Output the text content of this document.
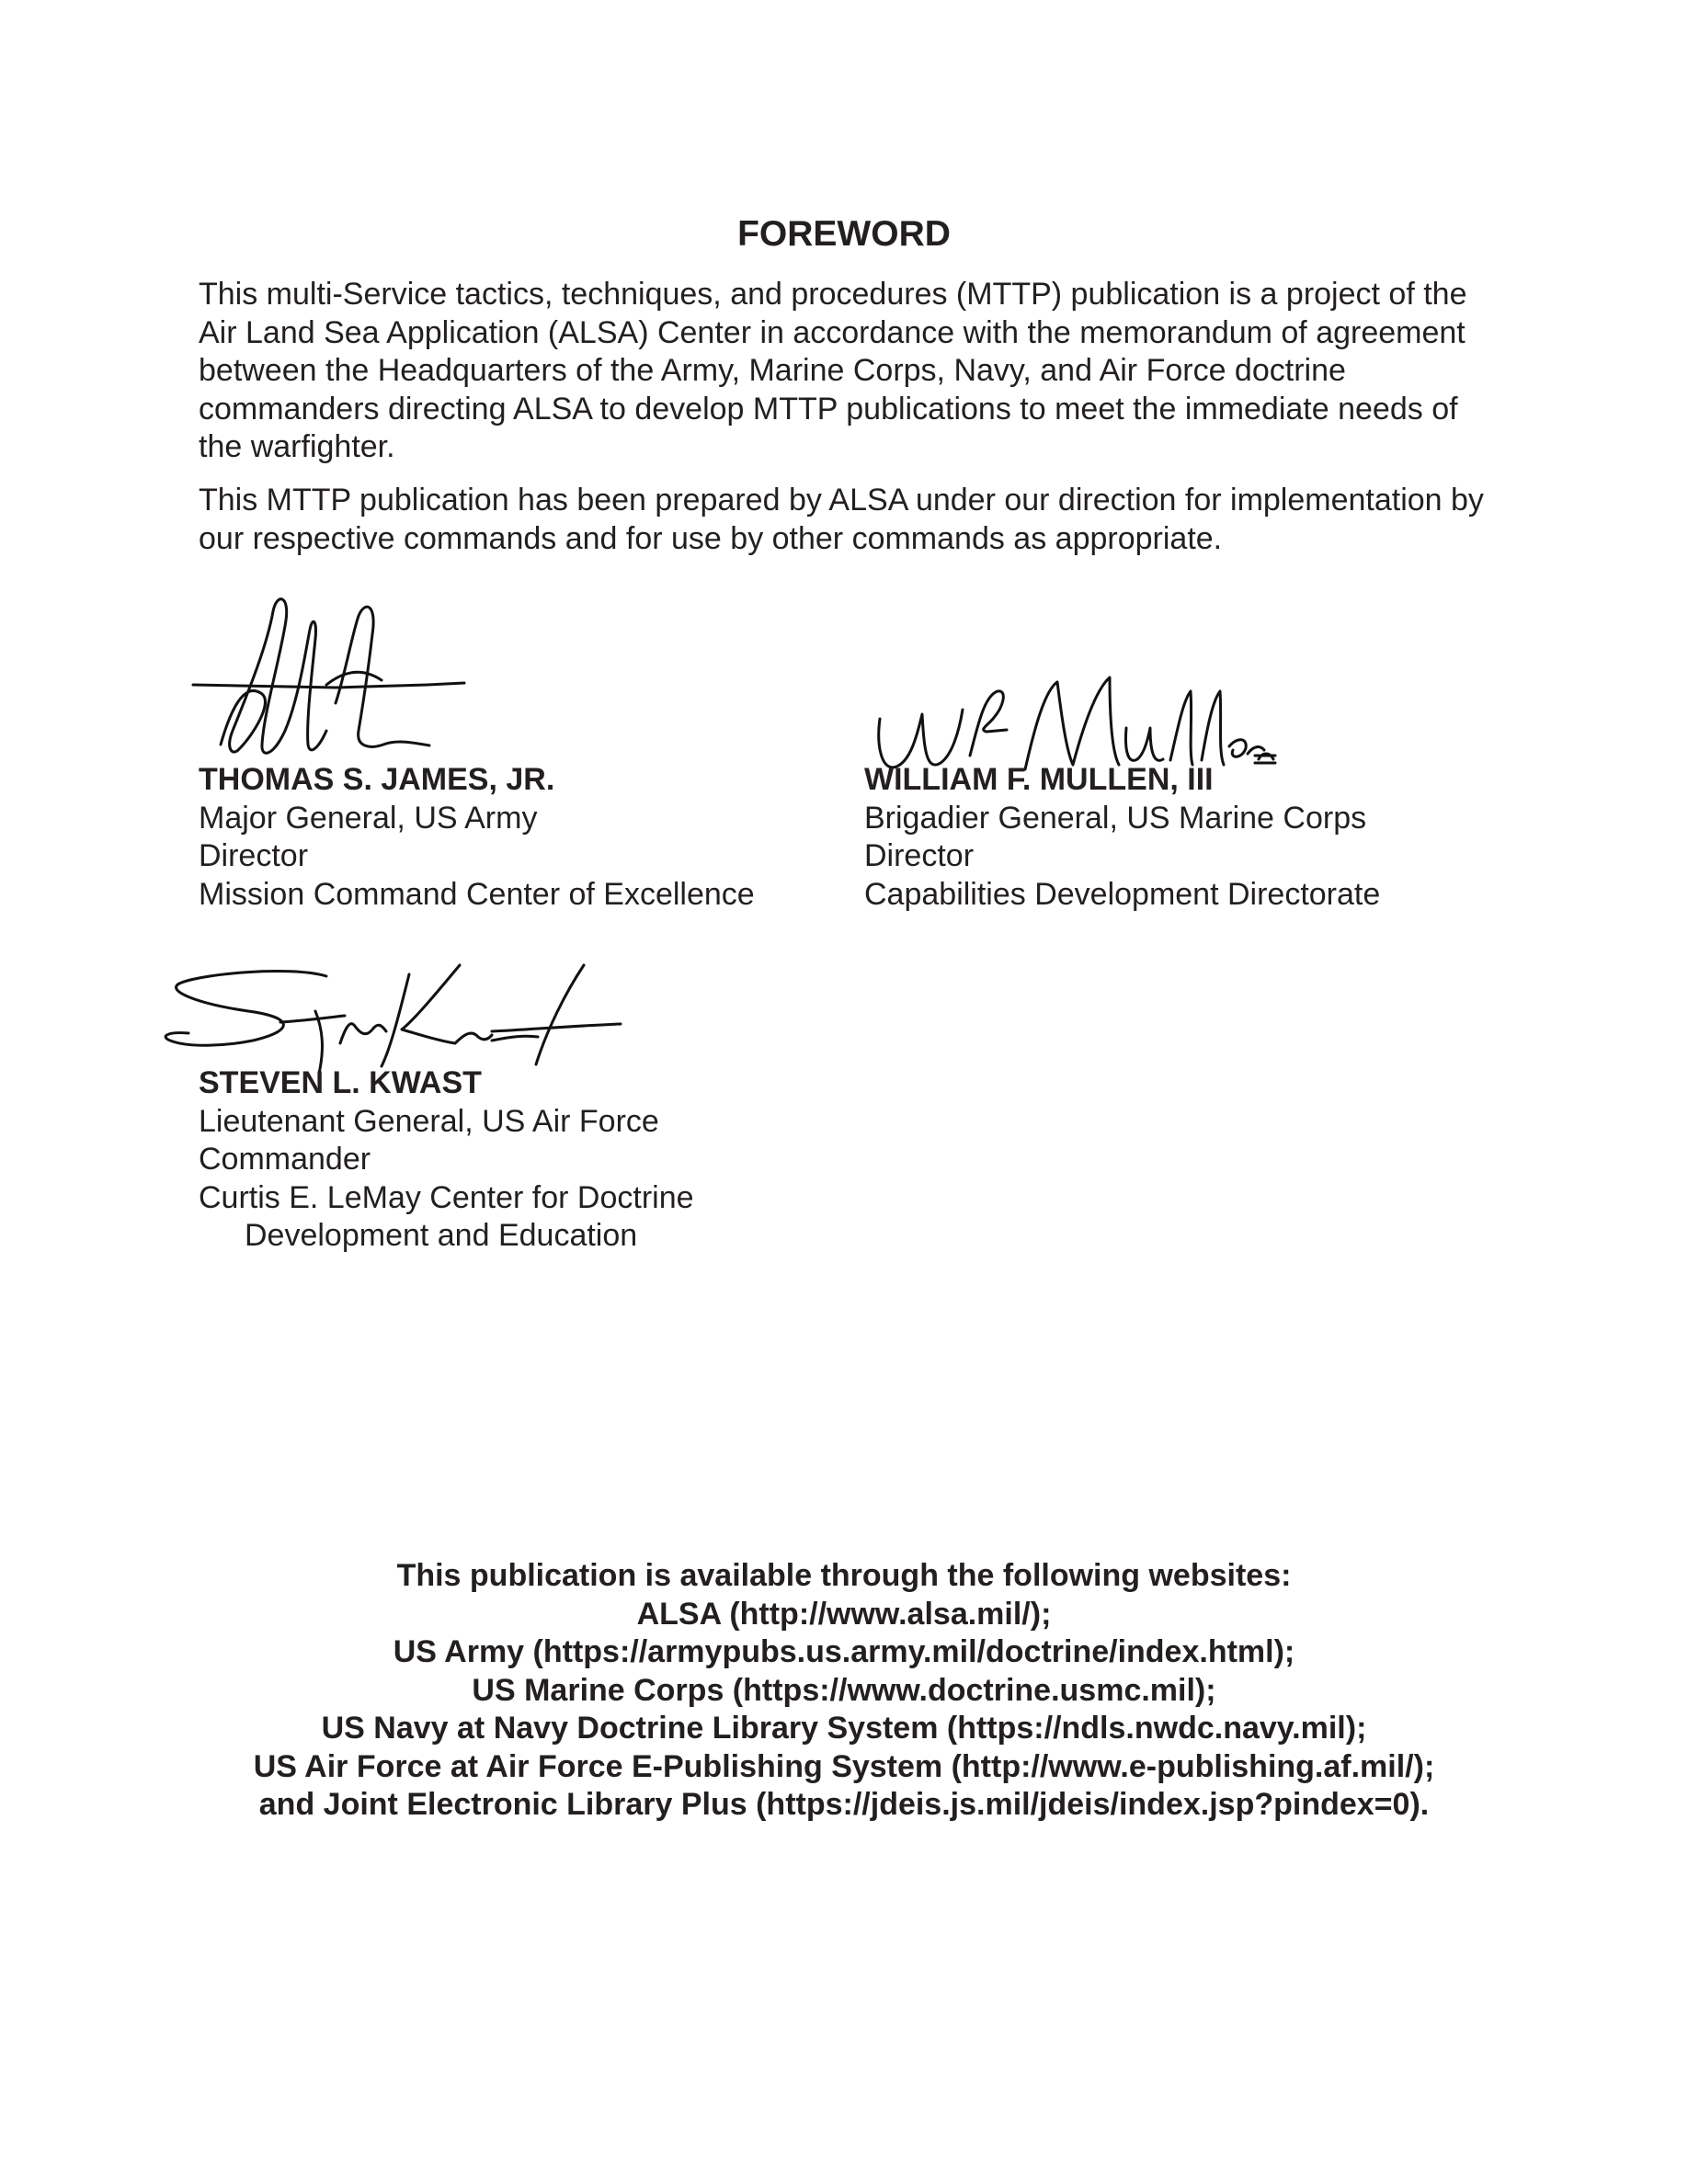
FOREWORD

This multi-Service tactics, techniques, and procedures (MTTP) publication is a project of the Air Land Sea Application (ALSA) Center in accordance with the memorandum of agreement between the Headquarters of the Army, Marine Corps, Navy, and Air Force doctrine commanders directing ALSA to develop MTTP publications to meet the immediate needs of the warfighter.

This MTTP publication has been prepared by ALSA under our direction for implementation by our respective commands and for use by other commands as appropriate.

THOMAS S. JAMES, JR.
Major General, US Army
Director
Mission Command Center of Excellence
WILLIAM F. MULLEN, III
Brigadier General, US Marine Corps
Director
Capabilities Development Directorate
STEVEN L. KWAST
Lieutenant General, US Air Force
Commander
Curtis E. LeMay Center for Doctrine
Development and Education
This publication is available through the following websites:
ALSA (http://www.alsa.mil/);
US Army (https://armypubs.us.army.mil/doctrine/index.html);
US Marine Corps (https://www.doctrine.usmc.mil);
US Navy at Navy Doctrine Library System (https://ndls.nwdc.navy.mil);
US Air Force at Air Force E-Publishing System (http://www.e-publishing.af.mil/);
and Joint Electronic Library Plus (https://jdeis.js.mil/jdeis/index.jsp?pindex=0).
